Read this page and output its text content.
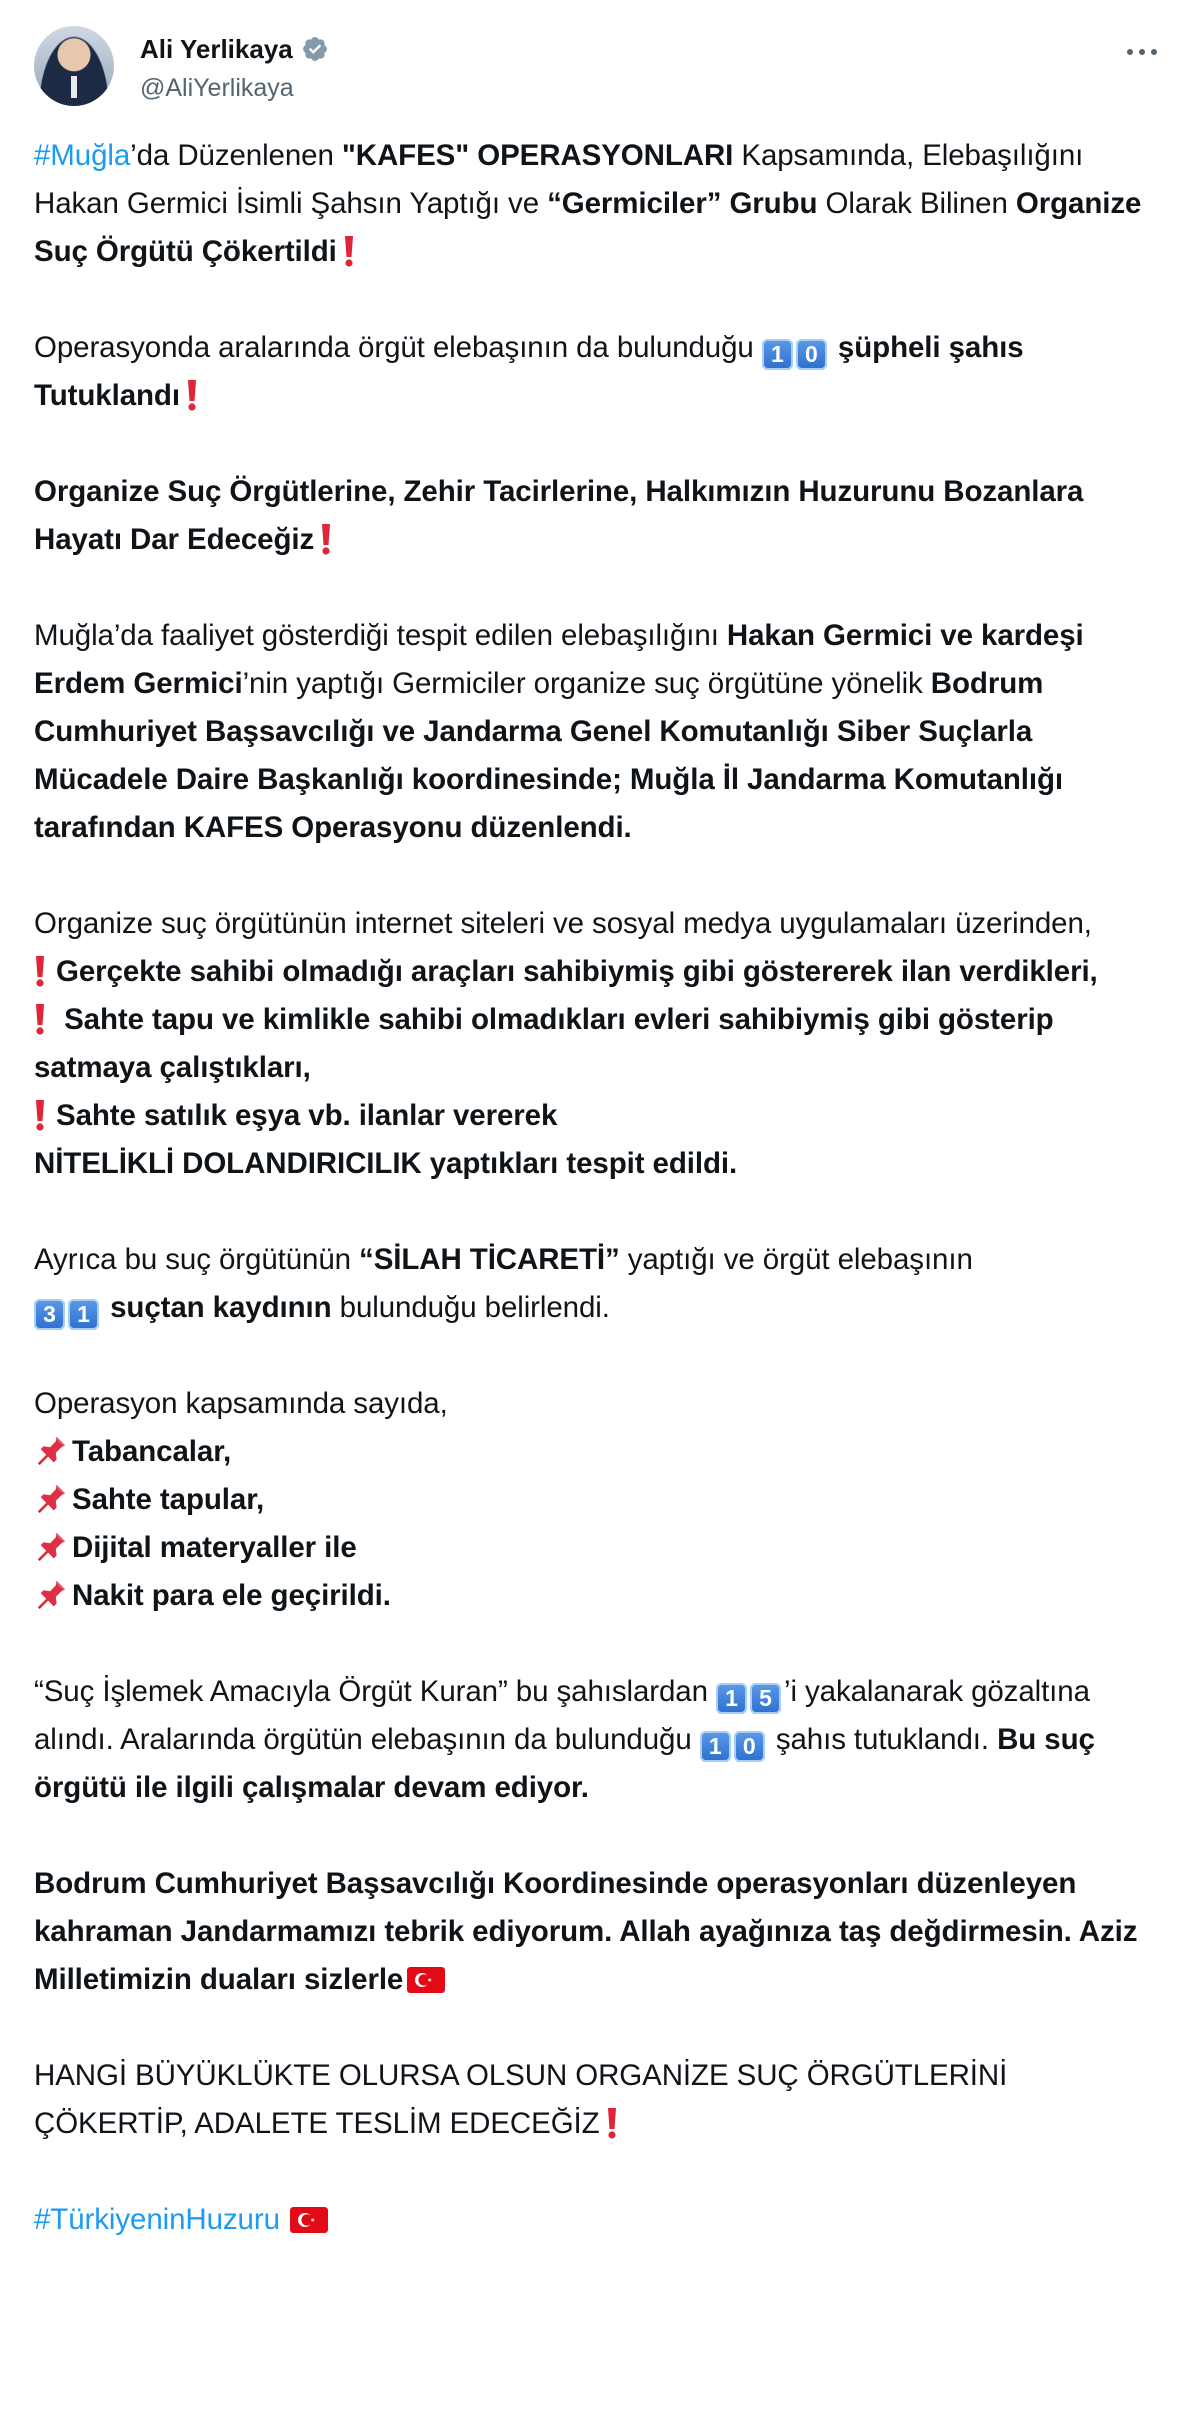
Ali Yerlikaya
@AliYerlikaya

#Muğla’da Düzenlenen "KAFES" OPERASYONLARI Kapsamında, Elebaşılığını Hakan Germici İsimli Şahsın Yaptığı ve “Germiciler” Grubu Olarak Bilinen Organize Suç Örgütü Çökertildi

Operasyonda aralarında örgüt elebaşının da bulunduğu 1 0 şüpheli şahıs Tutuklandı

Organize Suç Örgütlerine, Zehir Tacirlerine, Halkımızın Huzurunu Bozanlara Hayatı Dar Edeceğiz

Muğla’da faaliyet gösterdiği tespit edilen elebaşılığını Hakan Germici ve kardeşi Erdem Germici’nin yaptığı Germiciler organize suç örgütüne yönelik Bodrum Cumhuriyet Başsavcılığı ve Jandarma Genel Komutanlığı Siber Suçlarla Mücadele Daire Başkanlığı koordinesinde; Muğla İl Jandarma Komutanlığı tarafından KAFES Operasyonu düzenlendi.

Organize suç örgütünün internet siteleri ve sosyal medya uygulamaları üzerinden,
Gerçekte sahibi olmadığı araçları sahibiymiş gibi göstererek ilan verdikleri,
Sahte tapu ve kimlikle sahibi olmadıkları evleri sahibiymiş gibi gösterip satmaya çalıştıkları,
Sahte satılık eşya vb. ilanlar vererek
NİTELİKLİ DOLANDIRICILIK yaptıkları tespit edildi.

Ayrıca bu suç örgütünün “SİLAH TİCARETİ” yaptığı ve örgüt elebaşının
3 1 suçtan kaydının bulunduğu belirlendi.

Operasyon kapsamında sayıda,
Tabancalar,
Sahte tapular,
Dijital materyaller ile
Nakit para ele geçirildi.

“Suç İşlemek Amacıyla Örgüt Kuran” bu şahıslardan 1 5 ’i yakalanarak gözaltına alındı. Aralarında örgütün elebaşının da bulunduğu 1 0 şahıs tutuklandı. Bu suç örgütü ile ilgili çalışmalar devam ediyor.

Bodrum Cumhuriyet Başsavcılığı Koordinesinde operasyonları düzenleyen kahraman Jandarmamızı tebrik ediyorum. Allah ayağınıza taş değdirmesin. Aziz Milletimizin duaları sizlerle

HANGİ BÜYÜKLÜKTE OLURSA OLSUN ORGANİZE SUÇ ÖRGÜTLERİNİ ÇÖKERTİP, ADALETE TESLİM EDECEĞİZ

#TürkiyeninHuzuru
